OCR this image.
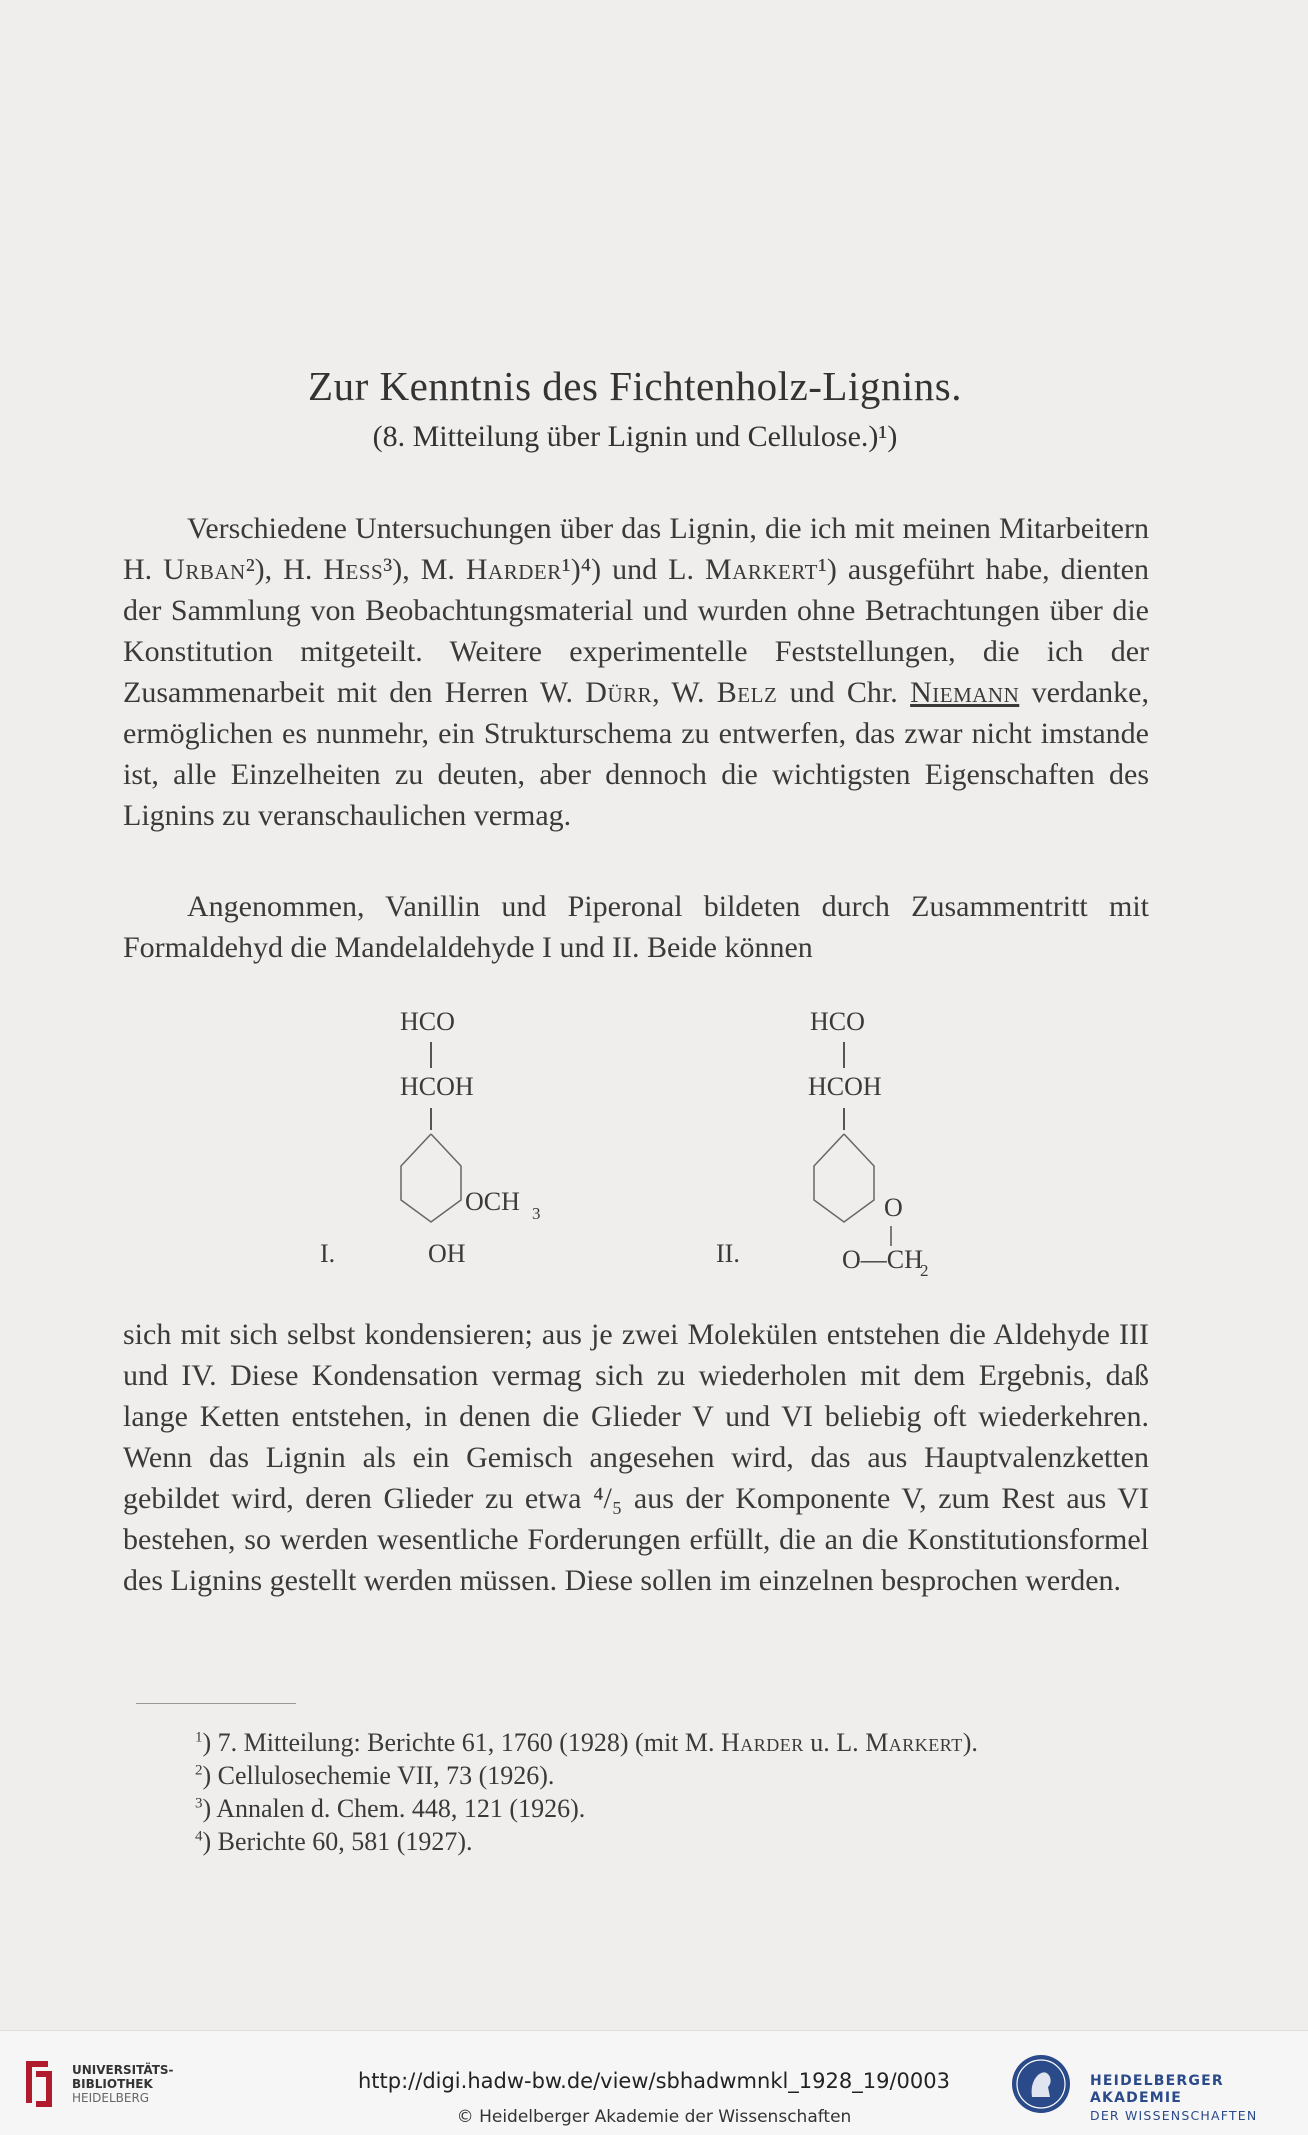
Zur Kenntnis des Fichtenholz-Lignins.
(8. Mitteilung über Lignin und Cellulose.)¹)

Verschiedene Untersuchungen über das Lignin, die ich mit meinen Mitarbeitern H. Urban²), H. Hess³), M. Harder¹)⁴) und L. Markert¹) ausgeführt habe, dienten der Sammlung von Beobachtungsmaterial und wurden ohne Betrachtungen über die Konstitution mitgeteilt. Weitere experimentelle Feststellungen, die ich der Zusammenarbeit mit den Herren W. Dürr, W. Belz und Chr. Niemann verdanke, ermöglichen es nunmehr, ein Strukturschema zu entwerfen, das zwar nicht imstande ist, alle Einzelheiten zu deuten, aber dennoch die wichtigsten Eigenschaften des Lignins zu veranschaulichen vermag.

Angenommen, Vanillin und Piperonal bildeten durch Zusammentritt mit Formaldehyd die Mandelaldehyde I und II. Beide können

HCO
HCOH
OCH 3
OH
I.
HCO
HCOH
O
O—CH
2
II.

sich mit sich selbst kondensieren; aus je zwei Molekülen entstehen die Aldehyde III und IV. Diese Kondensation vermag sich zu wiederholen mit dem Ergebnis, daß lange Ketten entstehen, in denen die Glieder V und VI beliebig oft wiederkehren. Wenn das Lignin als ein Gemisch angesehen wird, das aus Hauptvalenzketten gebildet wird, deren Glieder zu etwa ⁴/₅ aus der Komponente V, zum Rest aus VI bestehen, so werden wesentliche Forderungen erfüllt, die an die Konstitutionsformel des Lignins gestellt werden müssen. Diese sollen im einzelnen besprochen werden.

$^1$) 7. Mitteilung: Berichte 61, 1760 (1928) (mit M. Harder u. L. Markert).
$^2$) Cellulosechemie VII, 73 (1926).
$^3$) Annalen d. Chem. 448, 121 (1926).
$^4$) Berichte 60, 581 (1927).
UNIVERSITÄTS-
BIBLIOTHEK
HEIDELBERG
http://digi.hadw-bw.de/view/sbhadwmnkl_1928_19/0003
© Heidelberger Akademie der Wissenschaften
HEIDELBERGER AKADEMIE
DER WISSENSCHAFTEN
